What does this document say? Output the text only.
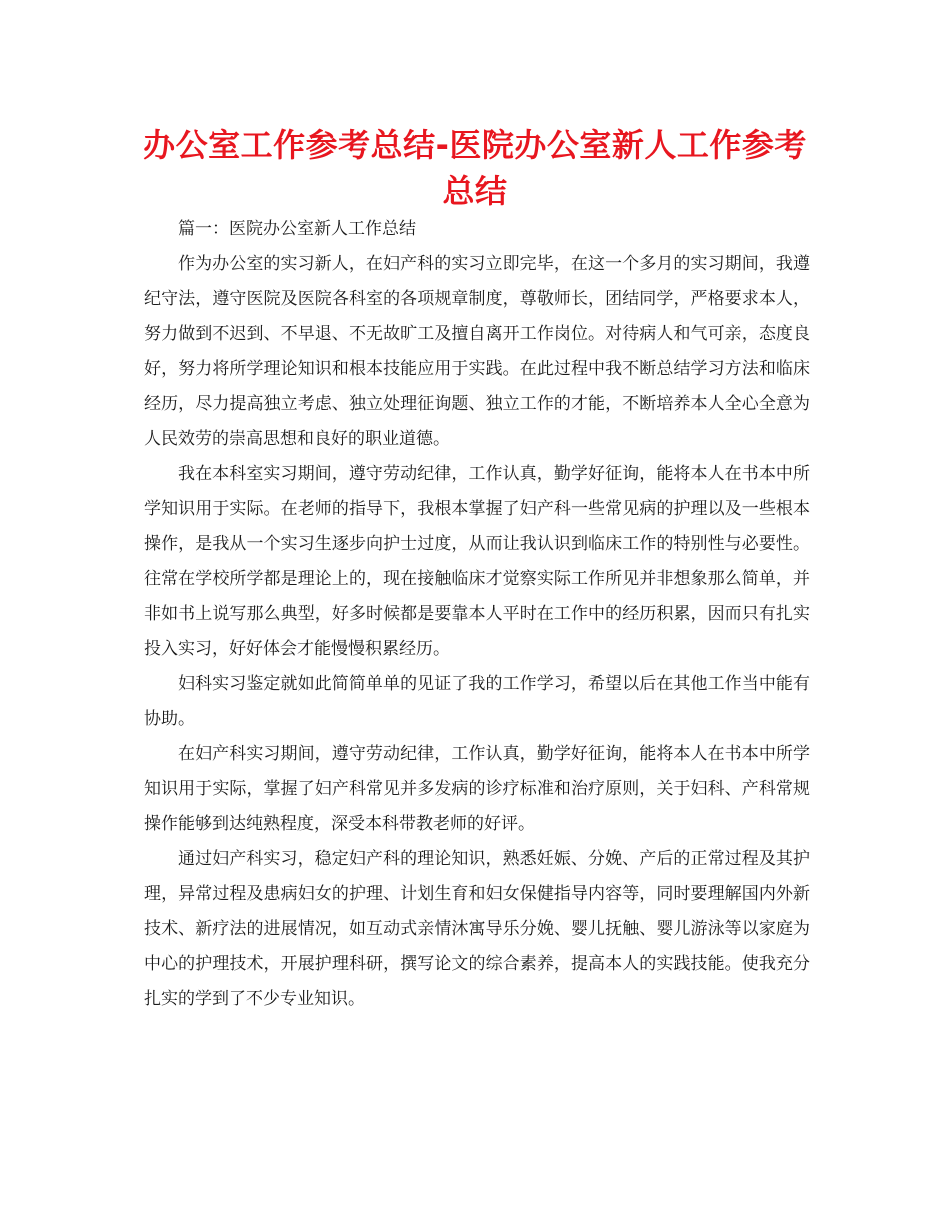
办公室工作参考总结-医院办公室新人工作参考总结

篇一：医院办公室新人工作总结

作为办公室的实习新人，在妇产科的实习立即完毕，在这一个多月的实习期间，我遵纪守法，遵守医院及医院各科室的各项规章制度，尊敬师长，团结同学，严格要求本人，努力做到不迟到、不早退、不无故旷工及擅自离开工作岗位。对待病人和气可亲，态度良好，努力将所学理论知识和根本技能应用于实践。在此过程中我不断总结学习方法和临床经历，尽力提高独立考虑、独立处理征询题、独立工作的才能，不断培养本人全心全意为人民效劳的崇高思想和良好的职业道德。

我在本科室实习期间，遵守劳动纪律，工作认真，勤学好征询，能将本人在书本中所学知识用于实际。在老师的指导下，我根本掌握了妇产科一些常见病的护理以及一些根本操作，是我从一个实习生逐步向护士过度，从而让我认识到临床工作的特别性与必要性。往常在学校所学都是理论上的，现在接触临床才觉察实际工作所见并非想象那么简单，并非如书上说写那么典型，好多时候都是要靠本人平时在工作中的经历积累，因而只有扎实投入实习，好好体会才能慢慢积累经历。

妇科实习鉴定就如此简简单单的见证了我的工作学习，希望以后在其他工作当中能有协助。

在妇产科实习期间，遵守劳动纪律，工作认真，勤学好征询，能将本人在书本中所学知识用于实际，掌握了妇产科常见并多发病的诊疗标准和治疗原则，关于妇科、产科常规操作能够到达纯熟程度，深受本科带教老师的好评。

通过妇产科实习，稳定妇产科的理论知识，熟悉妊娠、分娩、产后的正常过程及其护理，异常过程及患病妇女的护理、计划生育和妇女保健指导内容等，同时要理解国内外新技术、新疗法的进展情况，如互动式亲情沐寓导乐分娩、婴儿抚触、婴儿游泳等以家庭为中心的护理技术，开展护理科研，撰写论文的综合素养，提高本人的实践技能。使我充分扎实的学到了不少专业知识。
